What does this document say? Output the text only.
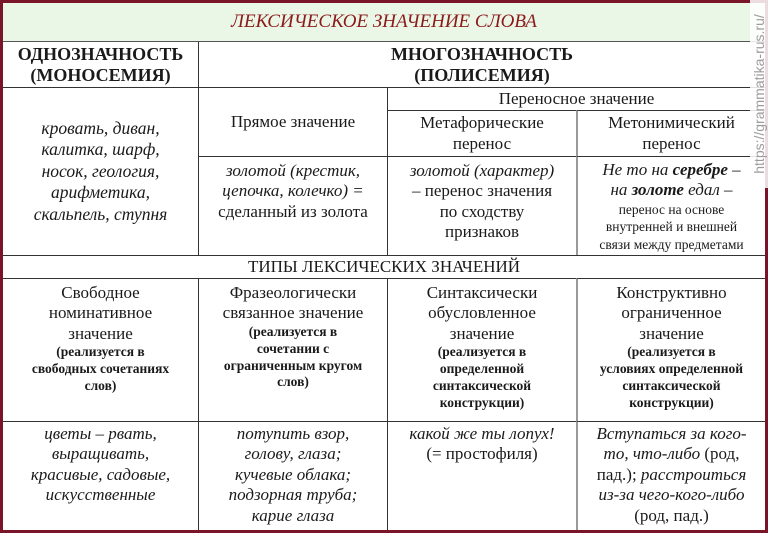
ЛЕКСИЧЕСКОЕ ЗНАЧЕНИЕ СЛОВА
ОДНОЗНАЧНОСТЬ
(МОНОСЕМИЯ)
МНОГОЗНАЧНОСТЬ
(ПОЛИСЕМИЯ)
кровать, диван,
калитка, шарф,
носок, геология,
арифметика,
скальпель, ступня
Прямое значение
Переносное значение
Метафорические
перенос
Метонимический
перенос
золотой (крестик,
цепочка, колечко) =
сделанный из золота
золотой (характер)
– перенос значения
по сходству
признаков
Не то на серебре –
на золоте едал –
перенос на основе
внутренней и внешней
связи между предметами
ТИПЫ ЛЕКСИЧЕСКИХ ЗНАЧЕНИЙ
Свободное
номинативное
значение
(реализуется в
свободных сочетаниях
слов)
Фразеологически
связанное значение
(реализуется в
сочетании с
ограниченным кругом
слов)
Синтаксически
обусловленное
значение
(реализуется в
определенной
синтаксической
конструкции)
Конструктивно
ограниченное
значение
(реализуется в
условиях определенной
синтаксической
конструкции)
цветы – рвать,
выращивать,
красивые, садовые,
искусственные
потупить взор,
голову, глаза;
кучевые облака;
подзорная труба;
карие глаза
какой же ты лопух!
(= простофиля)
Вступаться за кого-
то, что-либо (род,
пад.); расстроиться
из-за чего-кого-либо
(род, пад.)
https://grammatika-rus.ru/
